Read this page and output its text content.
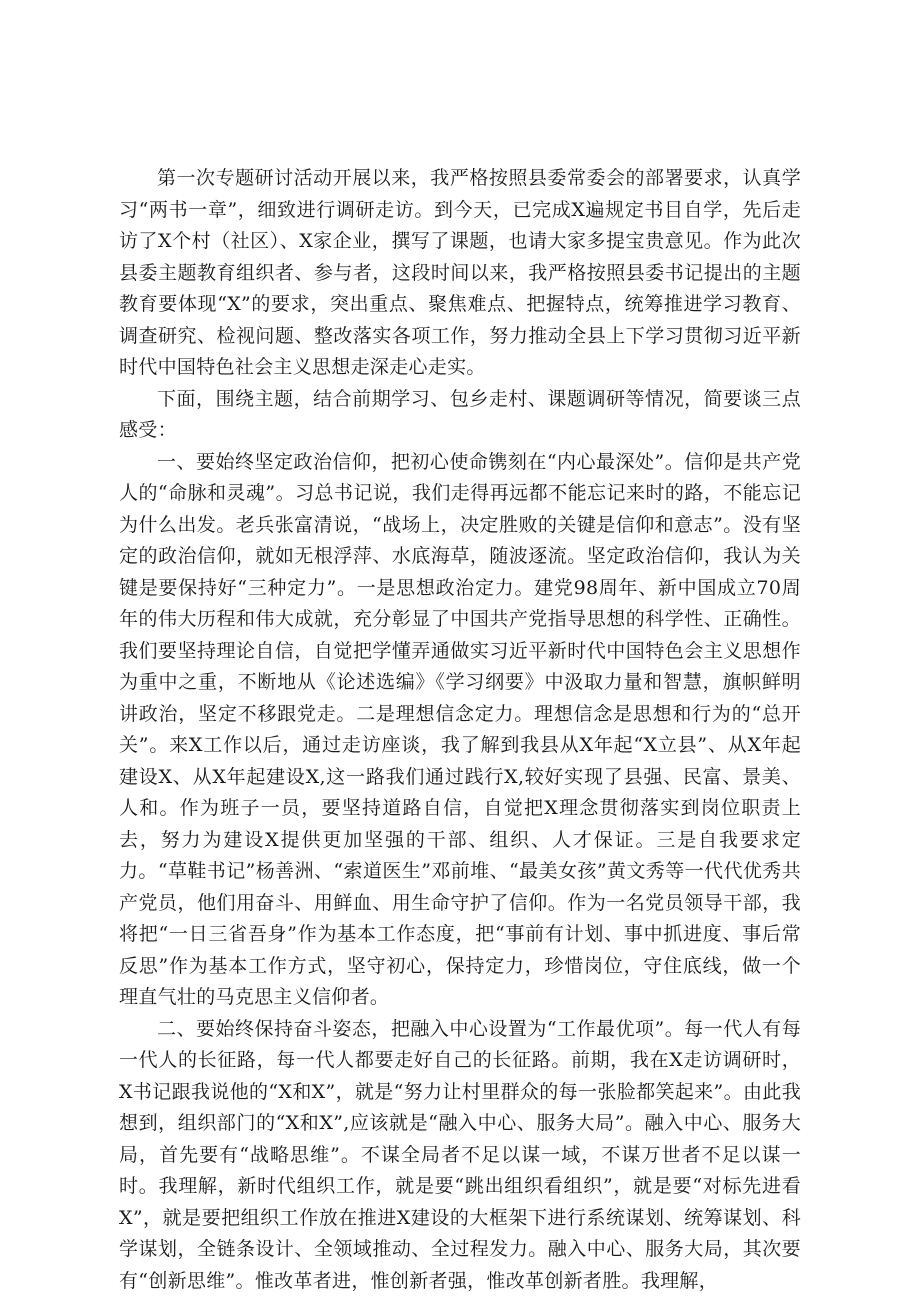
第一次专题研讨活动开展以来，我严格按照县委常委会的部署要求，认真学习“两书一章”，细致进行调研走访。到今天，已完成X遍规定书目自学，先后走访了X个村（社区）、X家企业，撰写了课题，也请大家多提宝贵意见。作为此次县委主题教育组织者、参与者，这段时间以来，我严格按照县委书记提出的主题教育要体现“X”的要求，突出重点、聚焦难点、把握特点，统筹推进学习教育、调查研究、检视问题、整改落实各项工作，努力推动全县上下学习贯彻习近平新时代中国特色社会主义思想走深走心走实。

下面，围绕主题，结合前期学习、包乡走村、课题调研等情况，简要谈三点感受：

一、要始终坚定政治信仰，把初心使命镌刻在“内心最深处”。信仰是共产党人的“命脉和灵魂”。习总书记说，我们走得再远都不能忘记来时的路，不能忘记为什么出发。老兵张富清说，“战场上，决定胜败的关键是信仰和意志”。没有坚定的政治信仰，就如无根浮萍、水底海草，随波逐流。坚定政治信仰，我认为关键是要保持好“三种定力”。一是思想政治定力。建党98周年、新中国成立70周年的伟大历程和伟大成就，充分彰显了中国共产党指导思想的科学性、正确性。我们要坚持理论自信，自觉把学懂弄通做实习近平新时代中国特色会主义思想作为重中之重，不断地从《论述选编》《学习纲要》中汲取力量和智慧，旗帜鲜明讲政治，坚定不移跟党走。二是理想信念定力。理想信念是思想和行为的“总开关”。来X工作以后，通过走访座谈，我了解到我县从X年起“X立县”、从X年起建设X、从X年起建设X,这一路我们通过践行X,较好实现了县强、民富、景美、人和。作为班子一员，要坚持道路自信，自觉把X理念贯彻落实到岗位职责上去，努力为建设X提供更加坚强的干部、组织、人才保证。三是自我要求定力。“草鞋书记”杨善洲、“索道医生”邓前堆、“最美女孩”黄文秀等一代代优秀共产党员，他们用奋斗、用鲜血、用生命守护了信仰。作为一名党员领导干部，我将把“一日三省吾身”作为基本工作态度，把“事前有计划、事中抓进度、事后常反思”作为基本工作方式，坚守初心，保持定力，珍惜岗位，守住底线，做一个理直气壮的马克思主义信仰者。

二、要始终保持奋斗姿态，把融入中心设置为“工作最优项”。每一代人有每一代人的长征路，每一代人都要走好自己的长征路。前期，我在X走访调研时，X书记跟我说他的“X和X”，就是“努力让村里群众的每一张脸都笑起来”。由此我想到，组织部门的“X和X”,应该就是“融入中心、服务大局”。融入中心、服务大局，首先要有“战略思维”。不谋全局者不足以谋一域，不谋万世者不足以谋一时。我理解，新时代组织工作，就是要“跳出组织看组织”，就是要“对标先进看X”，就是要把组织工作放在推进X建设的大框架下进行系统谋划、统筹谋划、科学谋划，全链条设计、全领域推动、全过程发力。融入中心、服务大局，其次要有“创新思维”。惟改革者进，惟创新者强，惟改革创新者胜。我理解，
